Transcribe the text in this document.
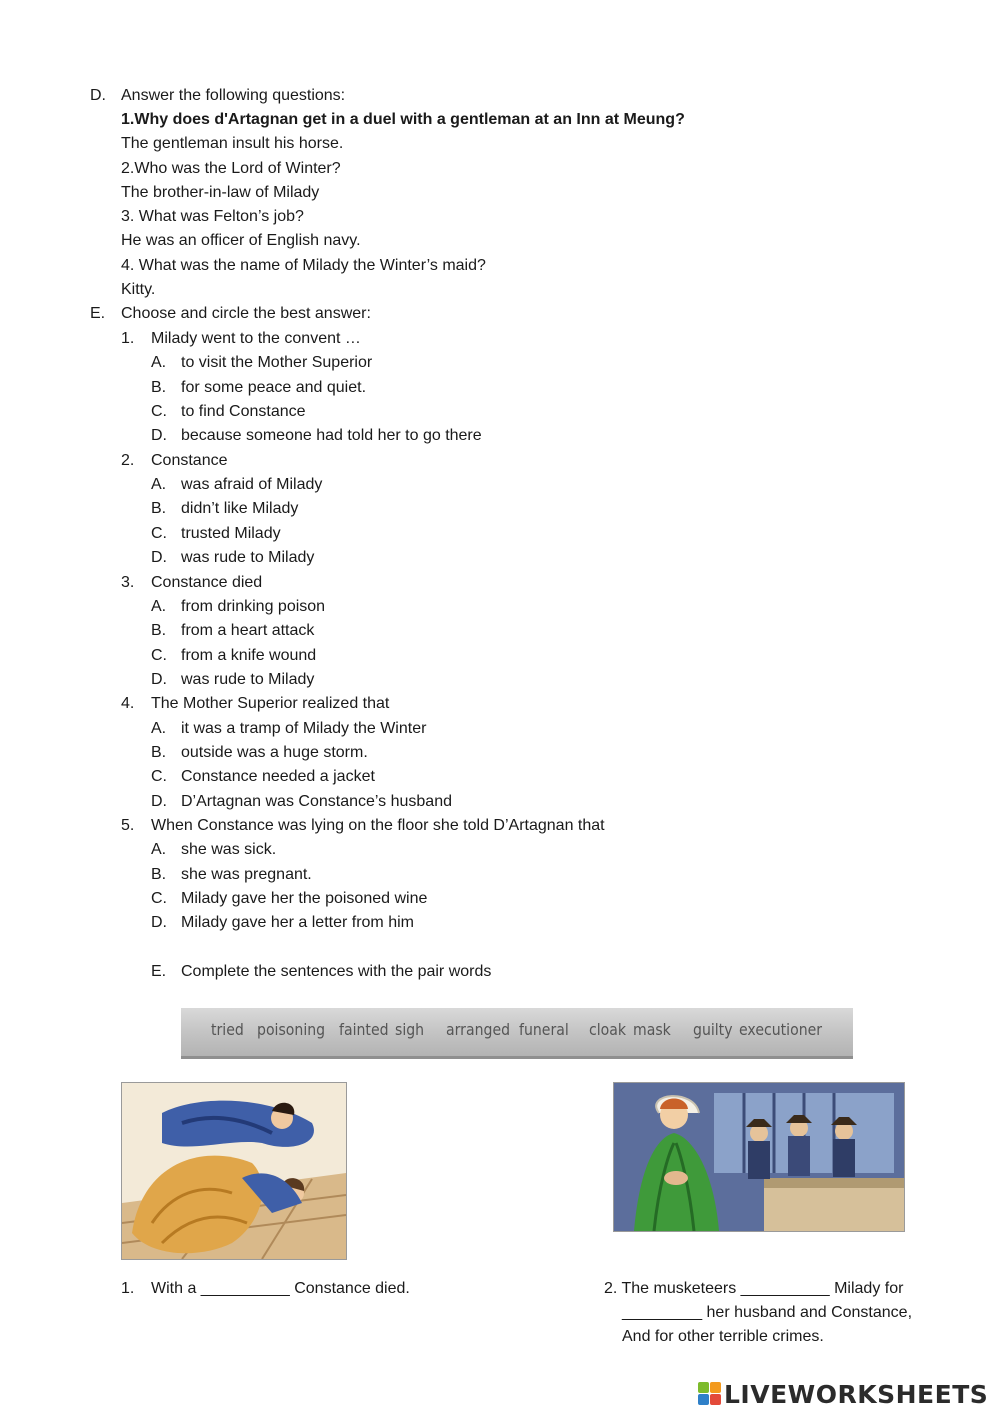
D. Answer the following questions:
1.Why does d'Artagnan get in a duel with a gentleman at an Inn at Meung?
The gentleman insult his horse.
2.Who was the Lord of Winter?
The brother-in-law of Milady
3. What was Felton’s job?
He was an officer of English navy.
4. What was the name of Milady the Winter’s maid?
Kitty.
E. Choose and circle the best answer:
1. Milady went to the convent …
A. to visit the Mother Superior
B. for some peace and quiet.
C. to find Constance
D. because someone had told her to go there
2. Constance
A. was afraid of Milady
B. didn’t like Milady
C. trusted Milady
D. was rude to Milady
3. Constance died
A. from drinking poison
B. from a heart attack
C. from a knife wound
D. was rude to Milady
4. The Mother Superior realized that
A. it was a tramp of Milady the Winter
B. outside was a huge storm.
C. Constance needed a jacket
D. D’Artagnan was Constance’s husband
5. When Constance was lying on the floor she told D’Artagnan that
A. she was sick.
B. she was pregnant.
C. Milady gave her the poisoned wine
D. Milady gave her a letter from him
E. Complete the sentences with the pair words
tried poisoning fainted sigh arranged funeral cloak mask guilty executioner
1. With a __________ Constance died.	2. The musketeers __________ Milady for
_________ her husband and Constance,
And for other terrible crimes.
LIVEWORKSHEETS
